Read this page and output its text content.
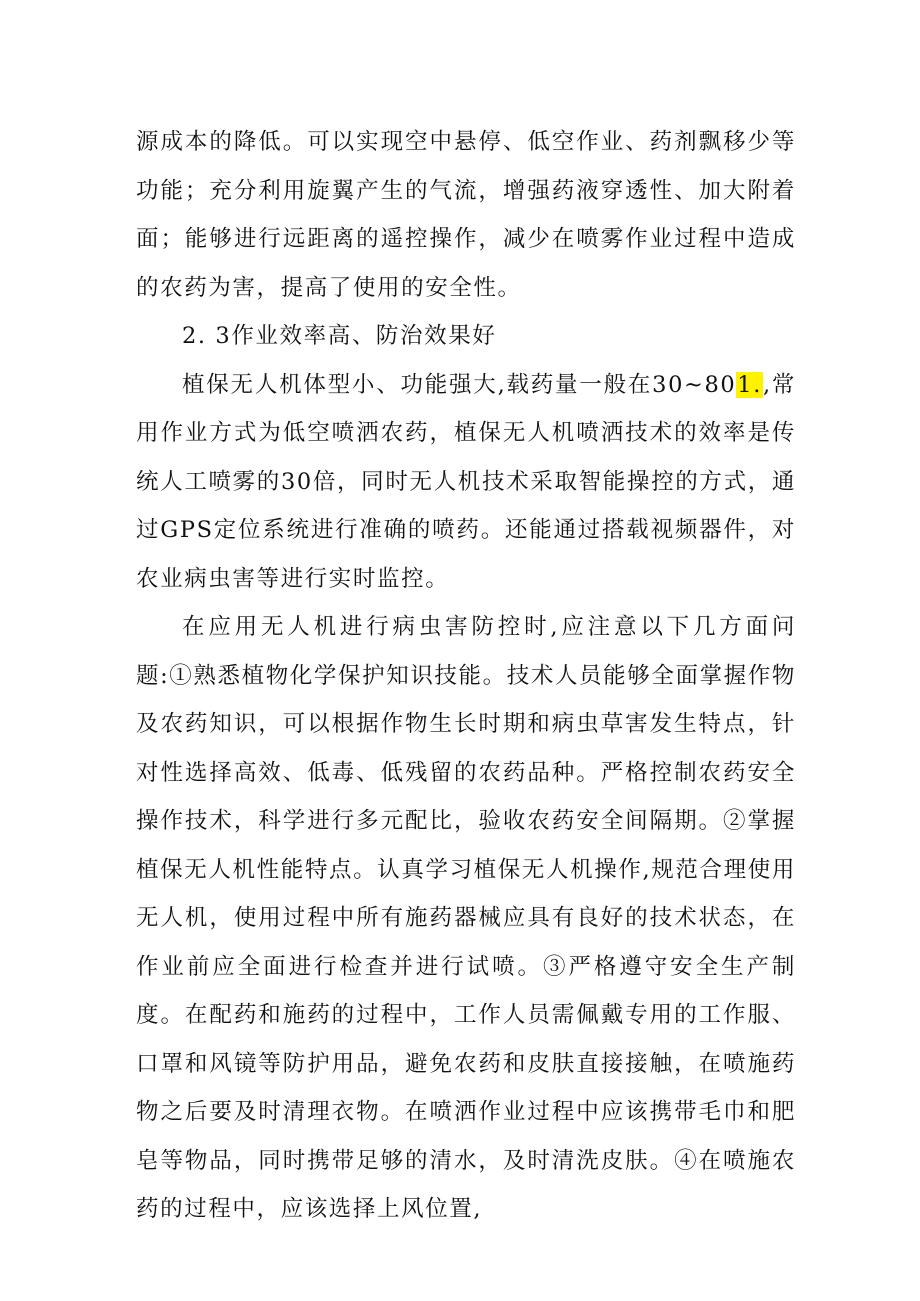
源成本的降低。可以实现空中悬停、低空作业、药剂飘移少等功能；充分利用旋翼产生的气流，增强药液穿透性、加大附着面；能够进行远距离的遥控操作，减少在喷雾作业过程中造成的农药为害，提高了使用的安全性。

2. 3作业效率高、防治效果好

植保无人机体型小、功能强大,载药量一般在30~801.,常用作业方式为低空喷洒农药，植保无人机喷洒技术的效率是传统人工喷雾的30倍，同时无人机技术采取智能操控的方式，通过GPS定位系统进行准确的喷药。还能通过搭载视频器件，对农业病虫害等进行实时监控。

在应用无人机进行病虫害防控时,应注意以下几方面问题:①熟悉植物化学保护知识技能。技术人员能够全面掌握作物及农药知识，可以根据作物生长时期和病虫草害发生特点，针对性选择高效、低毒、低残留的农药品种。严格控制农药安全操作技术，科学进行多元配比，验收农药安全间隔期。②掌握植保无人机性能特点。认真学习植保无人机操作,规范合理使用无人机，使用过程中所有施药器械应具有良好的技术状态，在作业前应全面进行检查并进行试喷。③严格遵守安全生产制度。在配药和施药的过程中，工作人员需佩戴专用的工作服、口罩和风镜等防护用品，避免农药和皮肤直接接触，在喷施药物之后要及时清理衣物。在喷洒作业过程中应该携带毛巾和肥皂等物品，同时携带足够的清水，及时清洗皮肤。④在喷施农药的过程中，应该选择上风位置,
